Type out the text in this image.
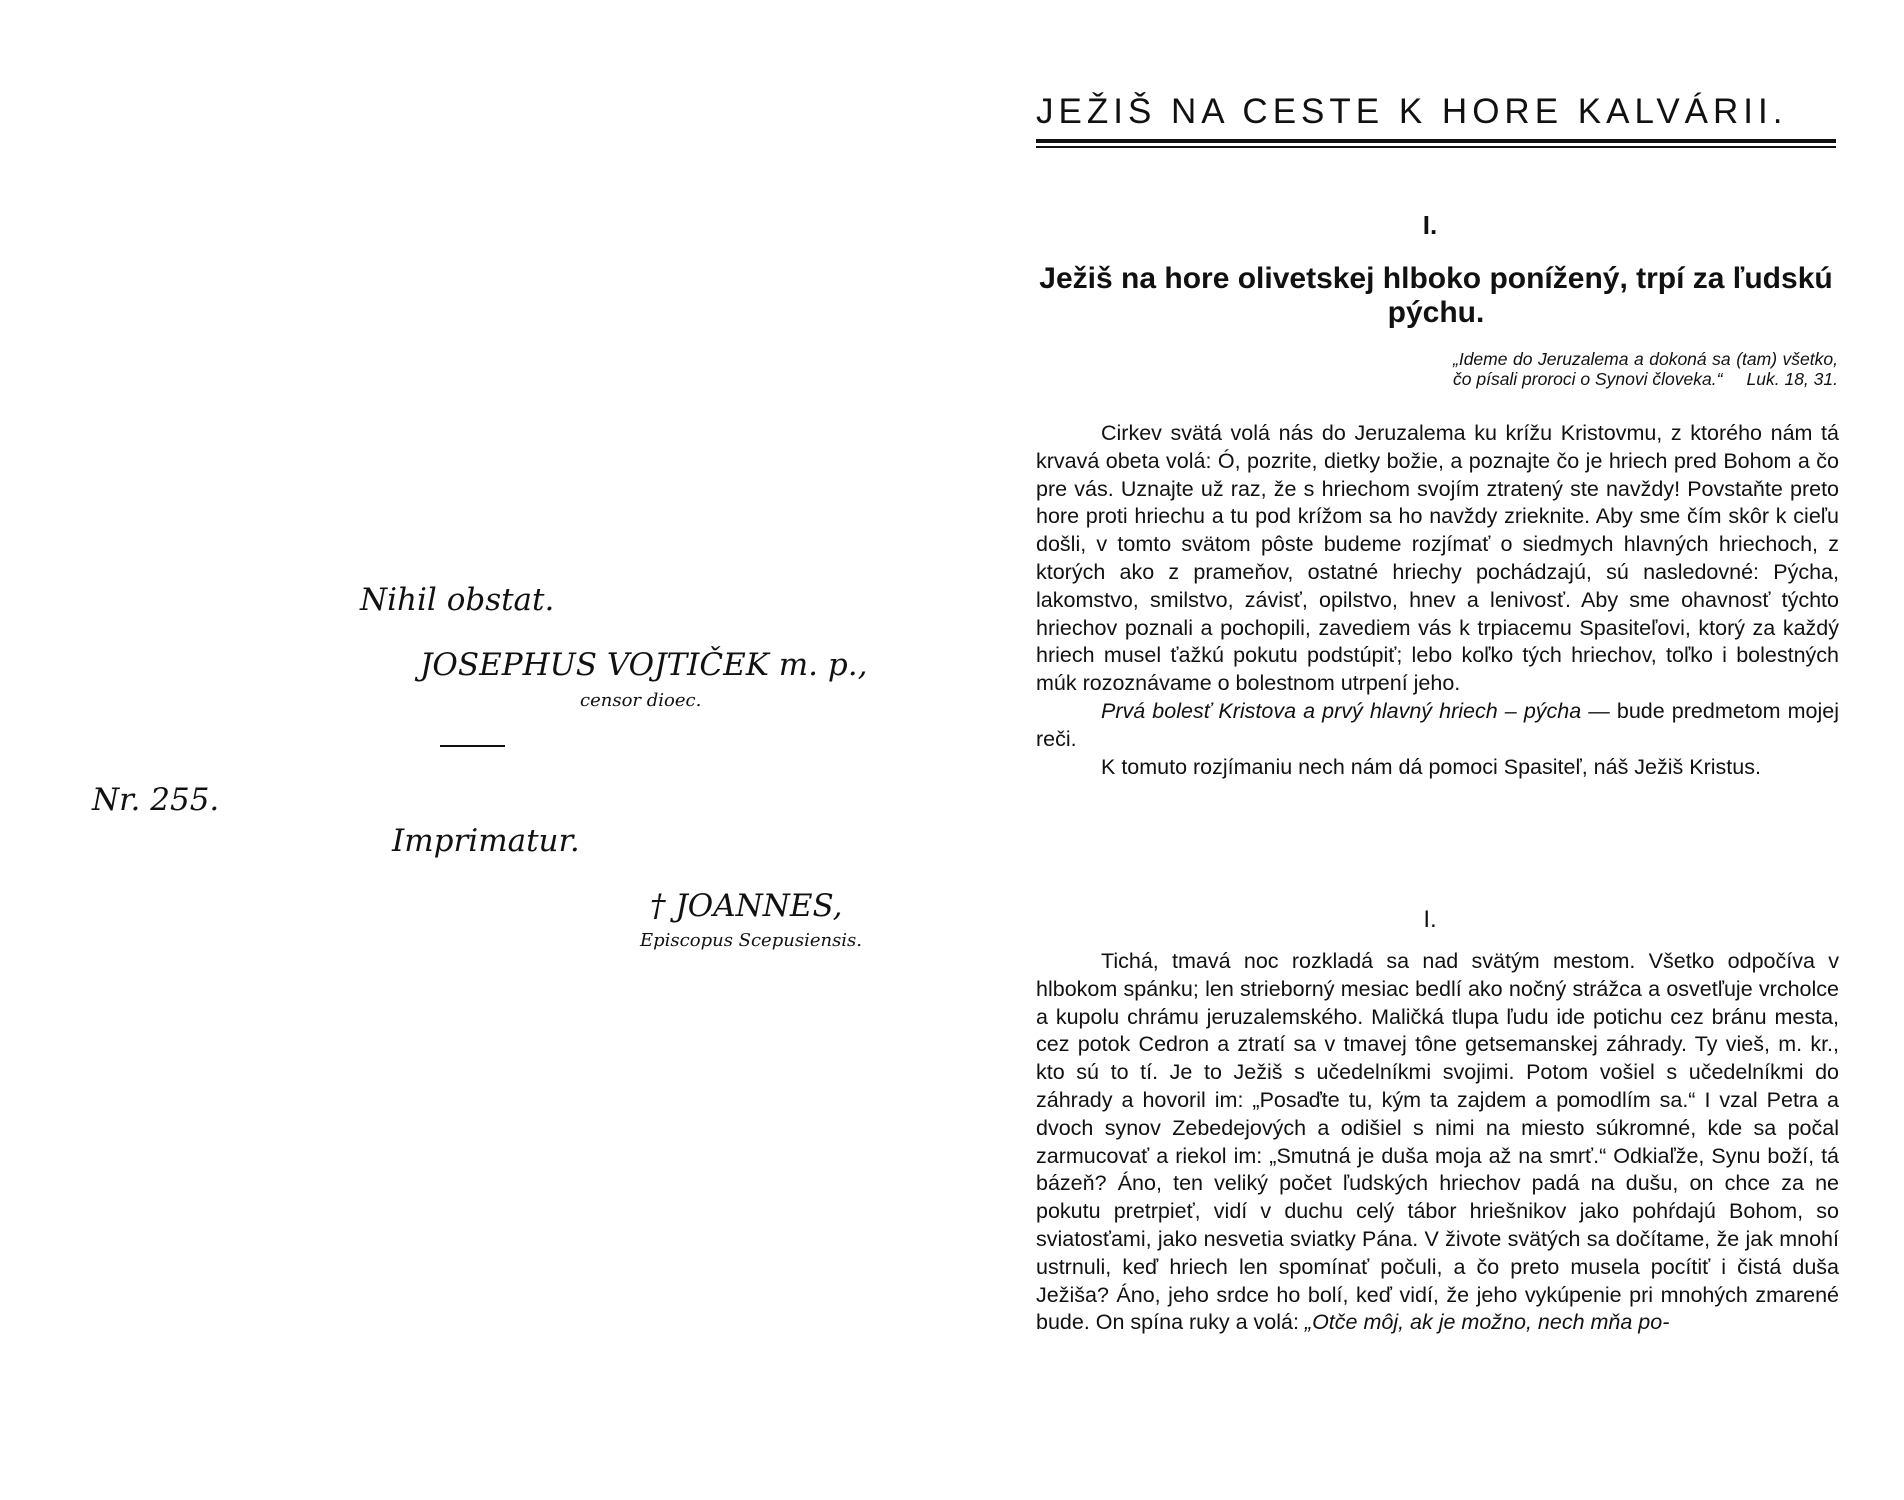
Nihil obstat.
JOSEPHUS VOJTIČEK m. p.,
censor dioec.
Nr. 255.
Imprimatur.
† JOANNES,
Episcopus Scepusiensis.
JEŽIŠ NA CESTE K HORE KALVÁRII.
I.
Ježiš na hore olivetskej hlboko ponížený, trpí za ľudskú pýchu.
„Ideme do Jeruzalema a dokoná sa (tam) všetko, čo písali proroci o Synovi človeka.“ Luk. 18, 31.

Cirkev svätá volá nás do Jeruzalema ku krížu Kristovmu, z ktorého nám tá krvavá obeta volá: Ó, pozrite, dietky božie, a poznajte čo je hriech pred Bohom a čo pre vás. Uznajte už raz, že s hriechom svojím ztratený ste navždy! Povstaňte preto hore proti hriechu a tu pod krížom sa ho navždy zrieknite. Aby sme čím skôr k cieľu došli, v tomto svätom pôste budeme rozjímať o siedmych hlavných hriechoch, z ktorých ako z prameňov, ostatné hriechy pochádzajú, sú nasledovné: Pýcha, lakomstvo, smilstvo, závisť, opilstvo, hnev a lenivosť. Aby sme ohavnosť týchto hriechov poznali a pochopili, zavediem vás k trpiacemu Spasiteľovi, ktorý za každý hriech musel ťažkú pokutu podstúpiť; lebo koľko tých hriechov, toľko i bolestných múk rozoznávame o bolestnom utrpení jeho.

Prvá bolesť Kristova a prvý hlavný hriech – pýcha — bude predmetom mojej reči.

K tomuto rozjímaniu nech nám dá pomoci Spasiteľ, náš Ježiš Kristus.

I.

Tichá, tmavá noc rozkladá sa nad svätým mestom. Všetko odpočíva v hlbokom spánku; len strieborný mesiac bedlí ako nočný strážca a osvetľuje vrcholce a kupolu chrámu jeruzalemského. Maličká tlupa ľudu ide potichu cez bránu mesta, cez potok Cedron a ztratí sa v tmavej tône getsemanskej záhrady. Ty vieš, m. kr., kto sú to tí. Je to Ježiš s učedelníkmi svojimi. Potom vošiel s učedelníkmi do záhrady a hovoril im: „Posaďte tu, kým ta zajdem a pomodlím sa.“ I vzal Petra a dvoch synov Zebedejových a odišiel s nimi na miesto súkromné, kde sa počal zarmucovať a riekol im: „Smutná je duša moja až na smrť.“ Odkiaľže, Synu boží, tá bázeň? Áno, ten veliký počet ľudských hriechov padá na dušu, on chce za ne pokutu pretrpieť, vidí v duchu celý tábor hriešnikov jako pohŕdajú Bohom, so sviatosťami, jako nesvetia sviatky Pána. V živote svätých sa dočítame, že jak mnohí ustrnuli, keď hriech len spomínať počuli, a čo preto musela pocítiť i čistá duša Ježiša? Áno, jeho srdce ho bolí, keď vidí, že jeho vykúpenie pri mnohých zmarené bude. On spína ruky a volá: „Otče môj, ak je možno, nech mňa po-
